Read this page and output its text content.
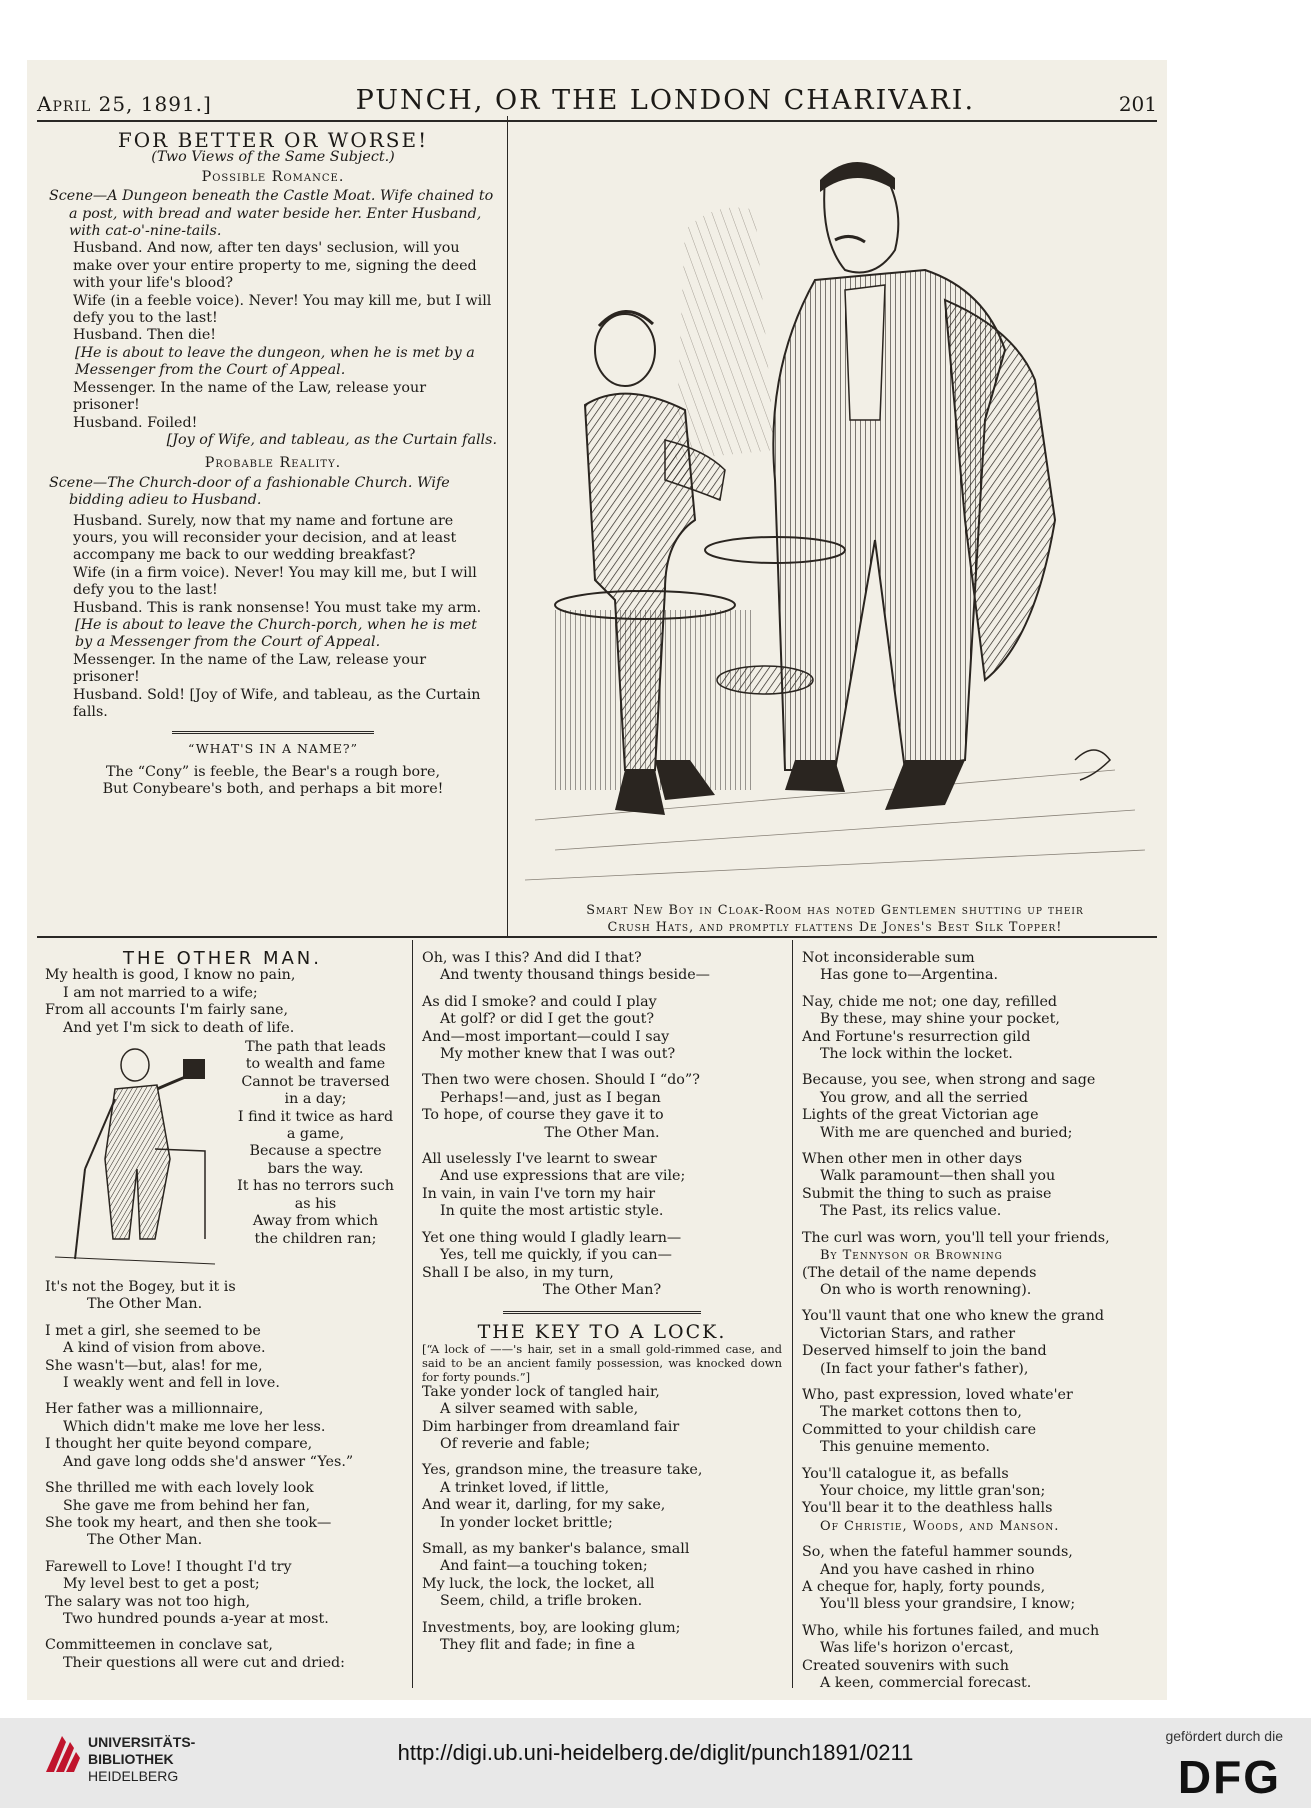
April 25, 1891.]	PUNCH, OR THE LONDON CHARIVARI.	201

FOR BETTER OR WORSE!

(Two Views of the Same Subject.)

Possible Romance.

Scene—A Dungeon beneath the Castle Moat. Wife chained to a post, with bread and water beside her. Enter Husband, with cat-o'-nine-tails.

Husband. And now, after ten days' seclusion, will you make over your entire property to me, signing the deed with your life's blood?

Wife (in a feeble voice). Never! You may kill me, but I will defy you to the last!

Husband. Then die!

[He is about to leave the dungeon, when he is met by a Messenger from the Court of Appeal.

Messenger. In the name of the Law, release your prisoner!

Husband. Foiled!

[Joy of Wife, and tableau, as the Curtain falls.

Probable Reality.

Scene—The Church-door of a fashionable Church. Wife bidding adieu to Husband.

Husband. Surely, now that my name and fortune are yours, you will reconsider your decision, and at least accompany me back to our wedding breakfast?

Wife (in a firm voice). Never! You may kill me, but I will defy you to the last!

Husband. This is rank nonsense! You must take my arm.

[He is about to leave the Church-porch, when he is met by a Messenger from the Court of Appeal.

Messenger. In the name of the Law, release your prisoner!

Husband. Sold! [Joy of Wife, and tableau, as the Curtain falls.

“WHAT'S IN A NAME?”

The “Cony” is feeble, the Bear's a rough bore,

But Conybeare's both, and perhaps a bit more!

Smart New Boy in Cloak-Room has noted Gentlemen shutting up their
Crush Hats, and promptly flattens De Jones's Best Silk Topper!

THE OTHER MAN.

My health is good, I know no pain,

I am not married to a wife;

From all accounts I'm fairly sane,

And yet I'm sick to death of life.

The path that leads

to wealth and fame

Cannot be traversed

in a day;

I find it twice as hard

a game,

Because a spectre

bars the way.

It has no terrors such

as his

Away from which

the children ran;

It's not the Bogey, but it is

The Other Man.

I met a girl, she seemed to be

A kind of vision from above.

She wasn't—but, alas! for me,

I weakly went and fell in love.

Her father was a millionnaire,

Which didn't make me love her less.

I thought her quite beyond compare,

And gave long odds she'd answer “Yes.”

She thrilled me with each lovely look

She gave me from behind her fan,

She took my heart, and then she took—

The Other Man.

Farewell to Love! I thought I'd try

My level best to get a post;

The salary was not too high,

Two hundred pounds a-year at most.

Committeemen in conclave sat,

Their questions all were cut and dried:

Oh, was I this? And did I that?

And twenty thousand things beside—

As did I smoke? and could I play

At golf? or did I get the gout?

And—most important—could I say

My mother knew that I was out?

Then two were chosen. Should I “do”?

Perhaps!—and, just as I began

To hope, of course they gave it to

The Other Man.

All uselessly I've learnt to swear

And use expressions that are vile;

In vain, in vain I've torn my hair

In quite the most artistic style.

Yet one thing would I gladly learn—

Yes, tell me quickly, if you can—

Shall I be also, in my turn,

The Other Man?

THE KEY TO A LOCK.

[“A lock of ——'s hair, set in a small gold-rimmed case, and said to be an ancient family possession, was knocked down for forty pounds.”]

Take yonder lock of tangled hair,

A silver seamed with sable,

Dim harbinger from dreamland fair

Of reverie and fable;

Yes, grandson mine, the treasure take,

A trinket loved, if little,

And wear it, darling, for my sake,

In yonder locket brittle;

Small, as my banker's balance, small

And faint—a touching token;

My luck, the lock, the locket, all

Seem, child, a trifle broken.

Investments, boy, are looking glum;

They flit and fade; in fine a

Not inconsiderable sum

Has gone to—Argentina.

Nay, chide me not; one day, refilled

By these, may shine your pocket,

And Fortune's resurrection gild

The lock within the locket.

Because, you see, when strong and sage

You grow, and all the serried

Lights of the great Victorian age

With me are quenched and buried;

When other men in other days

Walk paramount—then shall you

Submit the thing to such as praise

The Past, its relics value.

The curl was worn, you'll tell your friends,

By Tennyson or Browning

(The detail of the name depends

On who is worth renowning).

You'll vaunt that one who knew the grand

Victorian Stars, and rather

Deserved himself to join the band

(In fact your father's father),

Who, past expression, loved whate'er

The market cottons then to,

Committed to your childish care

This genuine memento.

You'll catalogue it, as befalls

Your choice, my little gran'son;

You'll bear it to the deathless halls

Of Christie, Woods, and Manson.

So, when the fateful hammer sounds,

And you have cashed in rhino

A cheque for, haply, forty pounds,

You'll bless your grandsire, I know;

Who, while his fortunes failed, and much

Was life's horizon o'ercast,

Created souvenirs with such

A keen, commercial forecast.

UNIVERSITÄTS-
BIBLIOTHEK
HEIDELBERG
http://digi.ub.uni-heidelberg.de/diglit/punch1891/0211
gefördert durch die
DFG
